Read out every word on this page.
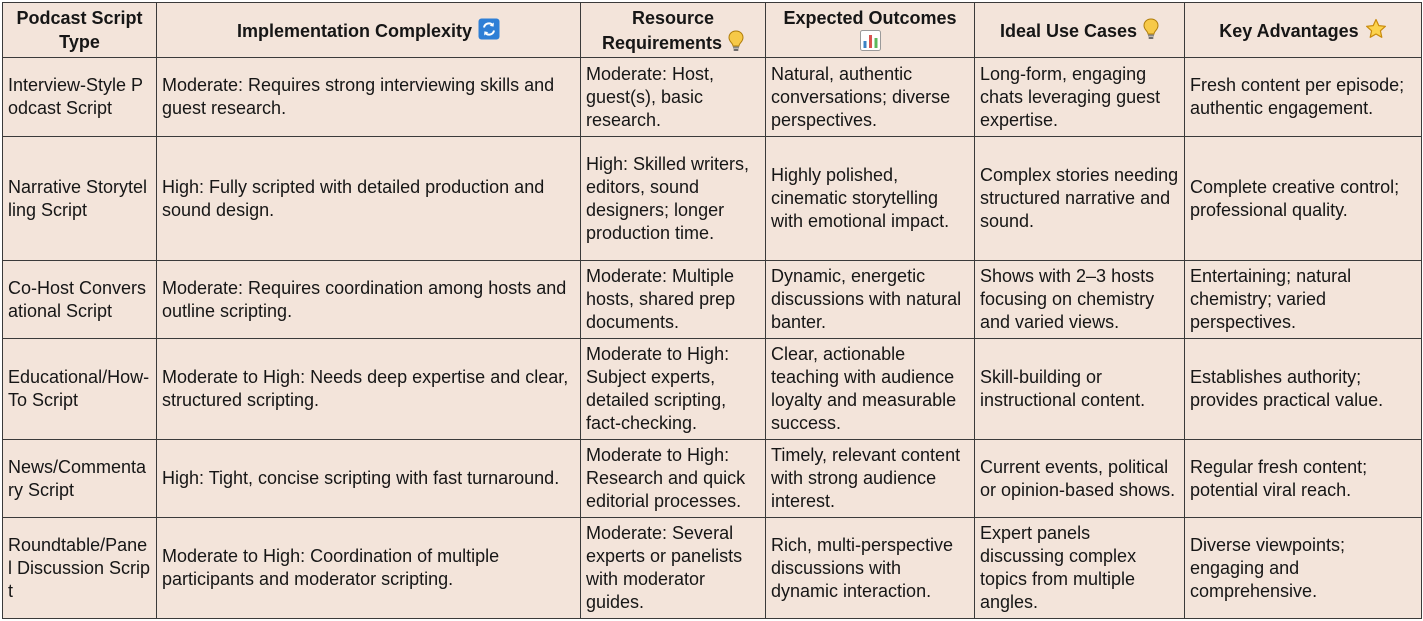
Podcast Script Type	Implementation Complexity	Resource Requirements	Expected Outcomes	Ideal Use Cases	Key Advantages

Interview-Style Podcast Script	Moderate: Requires strong interviewing skills and guest research.	Moderate: Host, guest(s), basic research.	Natural, authentic conversations; diverse perspectives.	Long-form, engaging chats leveraging guest expertise.	Fresh content per episode; authentic engagement.
Narrative Storytelling Script	High: Fully scripted with detailed production and sound design.	High: Skilled writers, editors, sound designers; longer production time.	Highly polished, cinematic storytelling with emotional impact.	Complex stories needing structured narrative and sound.	Complete creative control; professional quality.
Co-Host Conversational Script	Moderate: Requires coordination among hosts and outline scripting.	Moderate: Multiple hosts, shared prep documents.	Dynamic, energetic discussions with natural banter.	Shows with 2–3 hosts focusing on chemistry and varied views.	Entertaining; natural chemistry; varied perspectives.
Educational/How-To Script	Moderate to High: Needs deep expertise and clear, structured scripting.	Moderate to High: Subject experts, detailed scripting, fact-checking.	Clear, actionable teaching with audience loyalty and measurable success.	Skill-building or instructional content.	Establishes authority; provides practical value.
News/Commentary Script	High: Tight, concise scripting with fast turnaround.	Moderate to High: Research and quick editorial processes.	Timely, relevant content with strong audience interest.	Current events, political or opinion-based shows.	Regular fresh content; potential viral reach.
Roundtable/Panel Discussion Script	Moderate to High: Coordination of multiple participants and moderator scripting.	Moderate: Several experts or panelists with moderator guides.	Rich, multi-perspective discussions with dynamic interaction.	Expert panels discussing complex topics from multiple angles.	Diverse viewpoints; engaging and comprehensive.
